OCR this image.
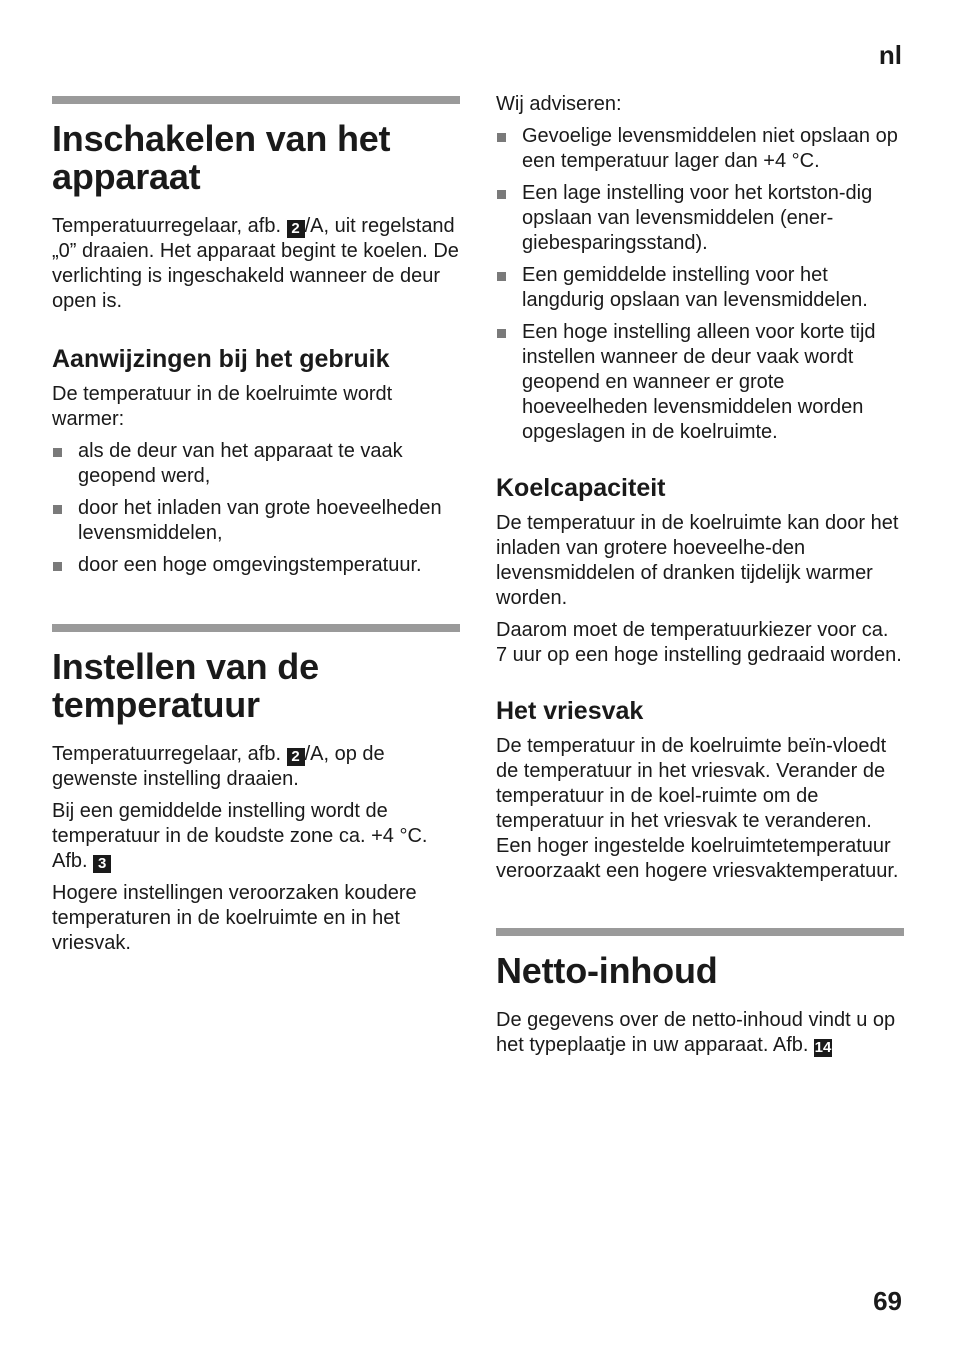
nl
Inschakelen van het apparaat

Temperatuurregelaar, afb. 2 /A, uit regelstand „0” draaien. Het apparaat begint te koelen. De verlichting is ingeschakeld wanneer de deur open is.

Aanwijzingen bij het gebruik

De temperatuur in de koelruimte wordt warmer:

als de deur van het apparaat te vaak geopend werd,
door het inladen van grote hoeveelheden levensmiddelen,
door een hoge omgevingstemperatuur.
Instellen van de temperatuur

Temperatuurregelaar, afb. 2 /A, op de gewenste instelling draaien.

Bij een gemiddelde instelling wordt de temperatuur in de koudste zone ca. +4 °C. Afb. 3

Hogere instellingen veroorzaken koudere temperaturen in de koelruimte en in het vriesvak.

Wij adviseren:

Gevoelige levensmiddelen niet opslaan op een temperatuur lager dan +4 °C.
Een lage instelling voor het kortston-dig opslaan van levensmiddelen (ener-giebesparingsstand).
Een gemiddelde instelling voor het langdurig opslaan van levensmiddelen.
Een hoge instelling alleen voor korte tijd instellen wanneer de deur vaak wordt geopend en wanneer er grote hoeveelheden levensmiddelen worden opgeslagen in de koelruimte.
Koelcapaciteit

De temperatuur in de koelruimte kan door het inladen van grotere hoeveelhe-den levensmiddelen of dranken tijdelijk warmer worden.

Daarom moet de temperatuurkiezer voor ca. 7 uur op een hoge instelling gedraaid worden.

Het vriesvak

De temperatuur in de koelruimte beïn-vloedt de temperatuur in het vriesvak. Verander de temperatuur in de koel-ruimte om de temperatuur in het vriesvak te veranderen. Een hoger ingestelde koelruimtetemperatuur veroorzaakt een hogere vriesvaktemperatuur.

Netto-inhoud

De gegevens over de netto-inhoud vindt u op het typeplaatje in uw apparaat. Afb. 14

69
